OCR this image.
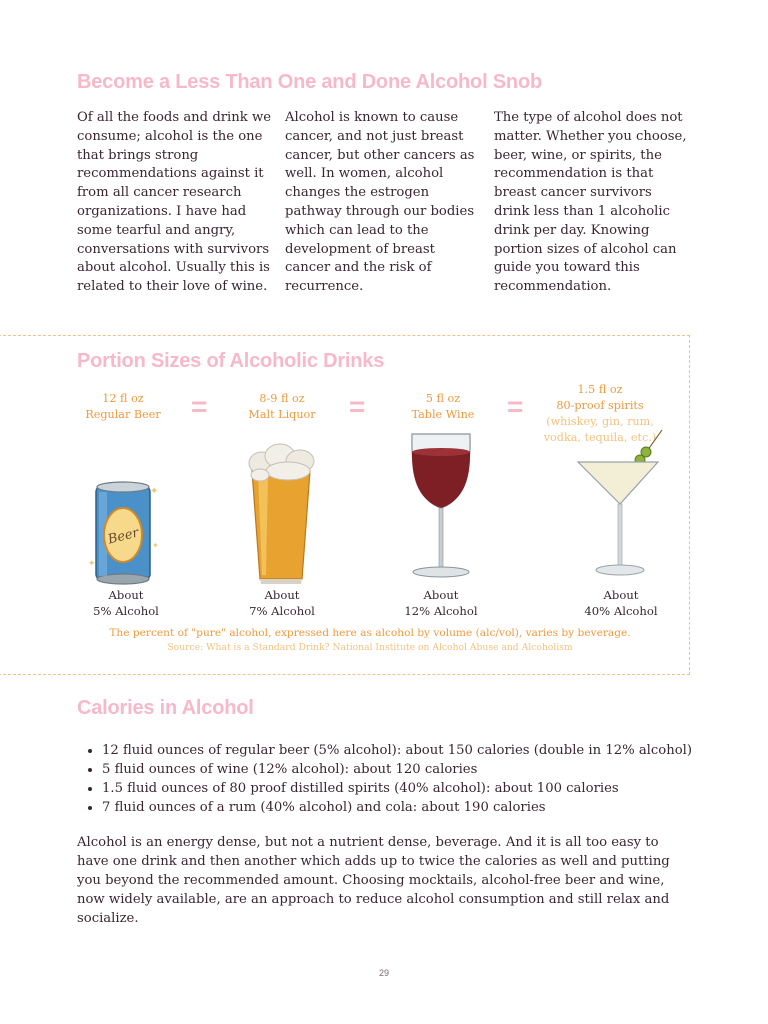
Become a Less Than One and Done Alcohol Snob

Of all the foods and drink we consume; alcohol is the one that brings strong recommendations against it from all cancer research organizations. I have had some tearful and angry, conversations with survivors about alcohol. Usually this is related to their love of wine.

Alcohol is known to cause cancer, and not just breast cancer, but other cancers as well. In women, alcohol changes the estrogen pathway through our bodies which can lead to the development of breast cancer and the risk of recurrence.

The type of alcohol does not matter. Whether you choose, beer, wine, or spirits, the recommendation is that breast cancer survivors drink less than 1 alcoholic drink per day. Knowing portion sizes of alcohol can guide you toward this recommendation.

Portion Sizes of Alcoholic Drinks
12 fl oz
Regular Beer
8-9 fl oz
Malt Liquor
5 fl oz
Table Wine
1.5 fl oz
80-proof spirits
(whiskey, gin, rum, vodka, tequila, etc.)
=	=	=
Beer
✦
✦
✦
About
5% Alcohol
About
7% Alcohol
About
12% Alcohol
About
40% Alcohol

The percent of "pure" alcohol, expressed here as alcohol by volume (alc/vol), varies by beverage.

Source: What is a Standard Drink? National Institute on Alcohol Abuse and Alcoholism

Calories in Alcohol
• 12 fluid ounces of regular beer (5% alcohol): about 150 calories (double in 12% alcohol)
• 5 fluid ounces of wine (12% alcohol): about 120 calories
• 1.5 fluid ounces of 80 proof distilled spirits (40% alcohol): about 100 calories
• 7 fluid ounces of a rum (40% alcohol) and cola: about 190 calories

Alcohol is an energy dense, but not a nutrient dense, beverage. And it is all too easy to have one drink and then another which adds up to twice the calories as well and putting you beyond the recommended amount. Choosing mocktails, alcohol-free beer and wine, now widely available, are an approach to reduce alcohol consumption and still relax and socialize.

29
